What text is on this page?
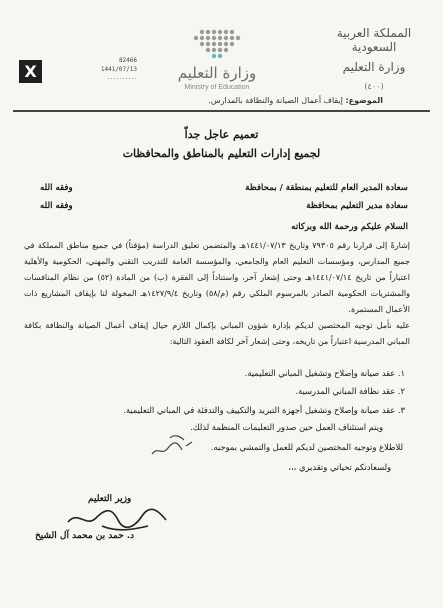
المملكة العربية السعودية
وزارة التعليم
(٤٠٠)
وزارة التعليم
Ministry of Education
82466
1441/07/13
..........
X
الموضوع: إيقاف أعمال الصيانة والنظافة بالمدارس.
تعميم عاجل جداً
لجميع إدارات التعليم بالمناطق والمحافظات
سعادة المدير العام للتعليم بمنطقة / بمحافظة
وفقه الله
سعادة مدير التعليم بمحافظة
وفقه الله
السلام عليكم ورحمة الله وبركاته
إشارةً إلى قرارنا رقم ٧٩٣٠٥ وتاريخ ١٤٤١/٠٧/١٣هـ والمتضمن تعليق الدراسة (مؤقتاً) في جميع مناطق المملكة في جميع المدارس، ومؤسسات التعليم العام والجامعي، والمؤسسة العامة للتدريب التقني والمهني، الحكومية والأهلية اعتباراً من تاريخ ١٤٤١/٠٧/١٤هـ وحتى إشعار آخر، واستناداً إلى الفقرة (ب) من المادة (٥٢) من نظام المنافسات والمشتريات الحكومية الصادر بالمرسوم الملكي رقم (م/٥٨) وتاريخ ١٤٢٧/٩/٤هـ المخولة لنا بإيقاف المشاريع ذات الأعمال المستمرة.
عليه نأمل توجيه المختصين لديكم بإدارة شؤون المباني بإكمال اللازم حيال إيقاف أعمال الصيانة والنظافة بكافة المباني المدرسية اعتباراً من تاريخه، وحتى إشعار آخر لكافة العقود التالية:
١. عقد صيانة وإصلاح وتشغيل المباني التعليمية.
٢. عقد نظافة المباني المدرسية.
٣. عقد صيانة وإصلاح وتشغيل أجهزة التبريد والتكييف والتدفئة في المباني التعليمية.
ويتم استئناف العمل حين صدور التعليمات المنظمة لذلك.
للاطلاع وتوجيه المختصين لديكم للعمل والتمشي بموجبه.
ولسعادتكم تحياتي وتقديري ،،،
وزير التعليم
د. حمد بن محمد آل الشيخ
